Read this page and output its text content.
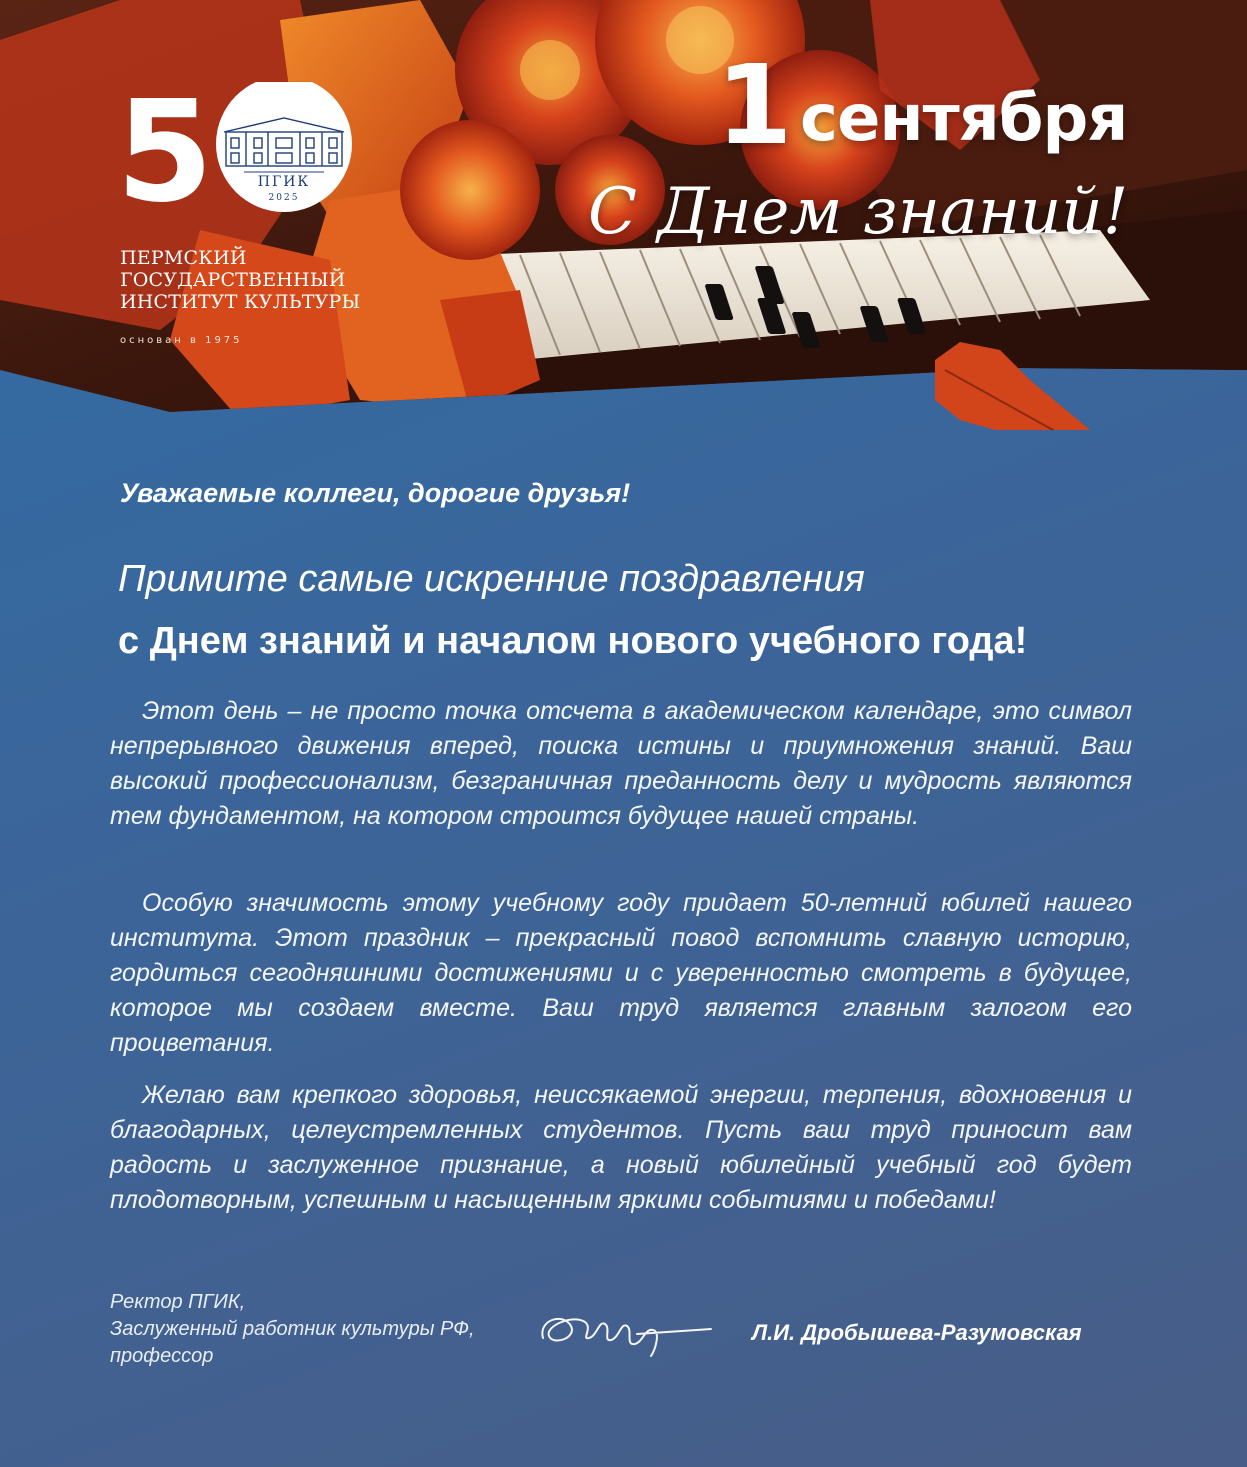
5	ПГИК
2025
ПЕРМСКИЙ
ГОСУДАРСТВЕННЫЙ
ИНСТИТУТ КУЛЬТУРЫ
основан в 1975
1 сентября
С Днем знаний!
Уважаемые коллеги, дорогие друзья!
Примите самые искренние поздравления
с Днем знаний и началом нового учебного года!

Этот день – не просто точка отсчета в академическом календаре, это символ непрерывного движения вперед, поиска истины и приумножения знаний. Ваш высокий профессионализм, безграничная преданность делу и мудрость являются тем фундаментом, на котором строится будущее нашей страны.

Особую значимость этому учебному году придает 50-летний юбилей нашего института. Этот праздник – прекрасный повод вспомнить славную историю, гордиться сегодняшними достижениями и с уверенностью смотреть в будущее, которое мы создаем вместе. Ваш труд является главным залогом его процветания.

Желаю вам крепкого здоровья, неиссякаемой энергии, терпения, вдохновения и благодарных, целеустремленных студентов. Пусть ваш труд приносит вам радость и заслуженное признание, а новый юбилейный учебный год будет плодотворным, успешным и насыщенным яркими событиями и победами!

Ректор ПГИК,
Заслуженный работник культуры РФ,
профессор
Л.И. Дробышева-Разумовская
